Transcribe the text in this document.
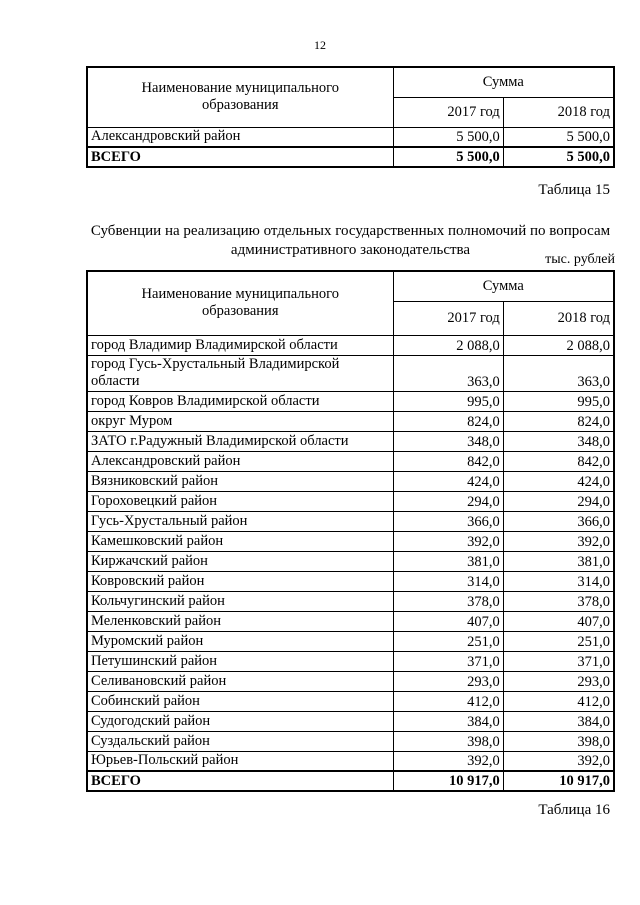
12
Наименование муниципального образования	Сумма	
	2017 год	2018 год
Александровский район	5 500,0	5 500,0
ВСЕГО	5 500,0	5 500,0
Таблица 15
Субвенции на реализацию отдельных государственных полномочий по вопросам административного законодательства
тыс. рублей
Наименование муниципального образования	Сумма	
	2017 год	2018 год
город Владимир Владимирской области	2 088,0	2 088,0
город Гусь-Хрустальный Владимирской области	363,0	363,0
город Ковров Владимирской области	995,0	995,0
округ Муром	824,0	824,0
ЗАТО г.Радужный Владимирской области	348,0	348,0
Александровский район	842,0	842,0
Вязниковский район	424,0	424,0
Гороховецкий район	294,0	294,0
Гусь-Хрустальный район	366,0	366,0
Камешковский район	392,0	392,0
Киржачский район	381,0	381,0
Ковровский район	314,0	314,0
Кольчугинский район	378,0	378,0
Меленковский район	407,0	407,0
Муромский район	251,0	251,0
Петушинский район	371,0	371,0
Селивановский район	293,0	293,0
Собинский район	412,0	412,0
Судогодский район	384,0	384,0
Суздальский район	398,0	398,0
Юрьев-Польский район	392,0	392,0
ВСЕГО	10 917,0	10 917,0
Таблица 16
